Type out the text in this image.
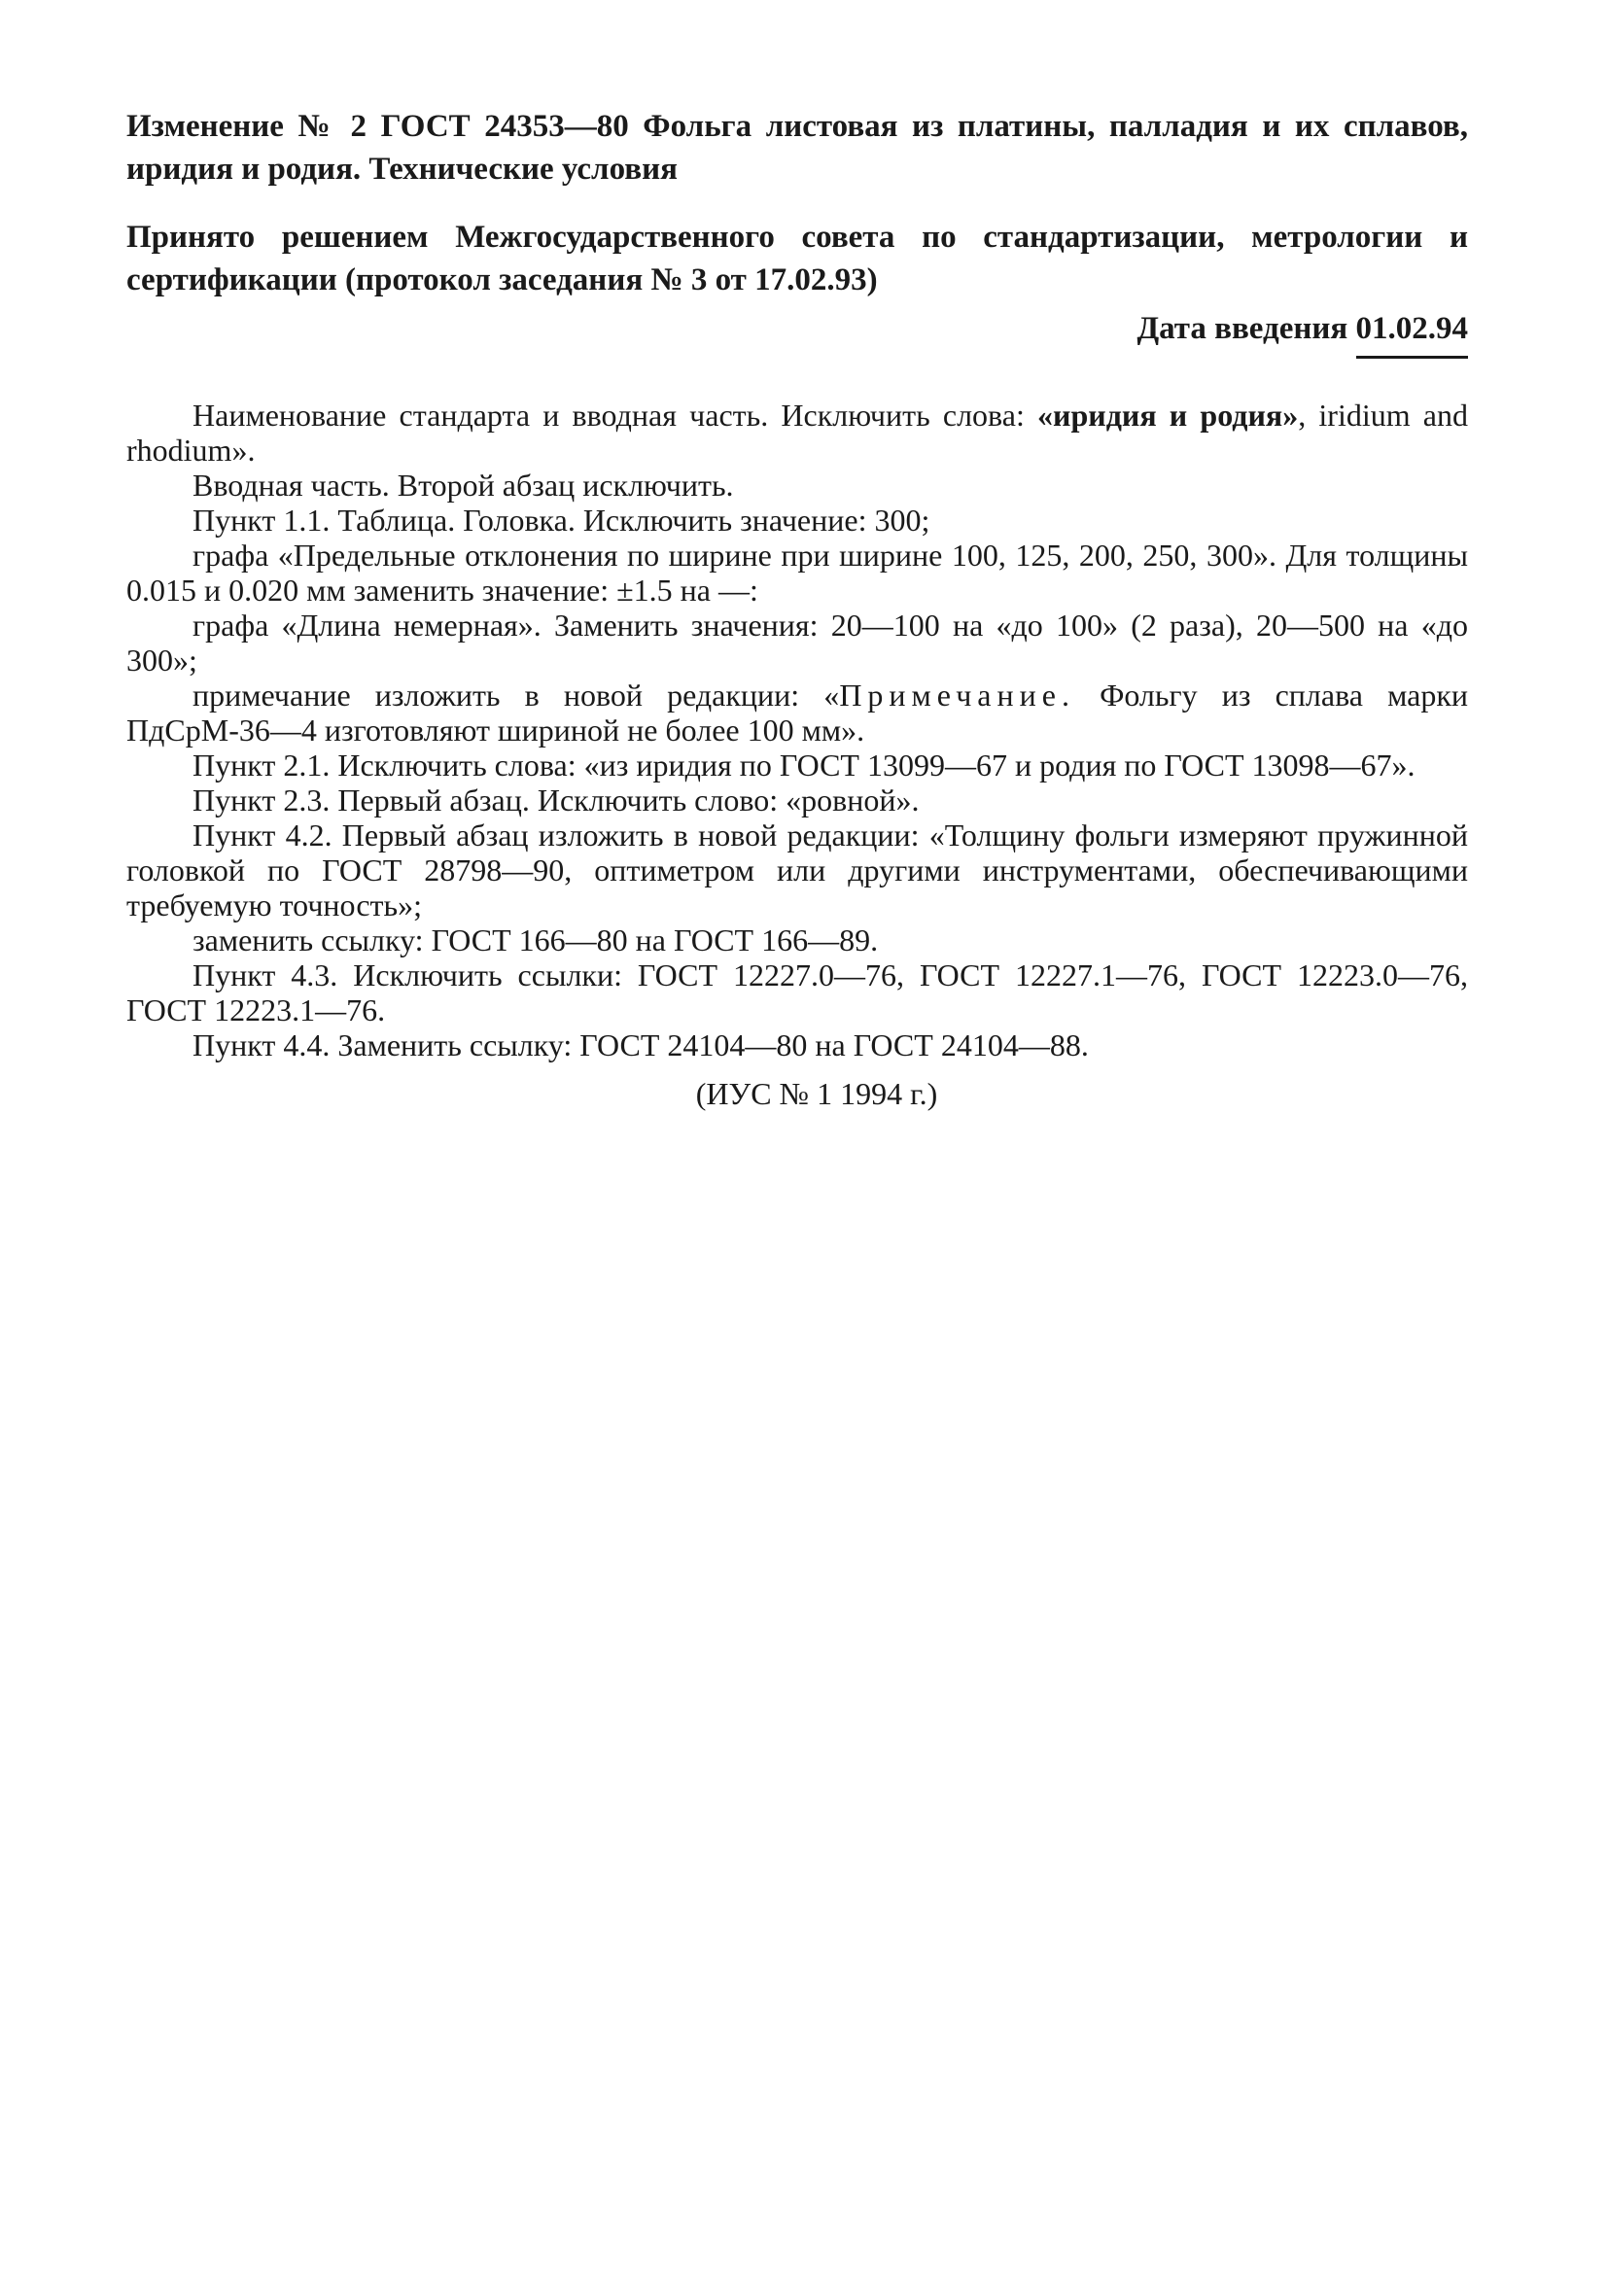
Изменение № 2 ГОСТ 24353—80 Фольга листовая из платины, палладия и их сплавов, иридия и родия. Технические условия

Принято решением Межгосударственного совета по стандартизации, метрологии и сертификации (протокол заседания № 3 от 17.02.93)

Дата введения 01.02.94

Наименование стандарта и вводная часть. Исключить слова: «иридия и родия», iridium and rhodium».

Вводная часть. Второй абзац исключить.

Пункт 1.1. Таблица. Головка. Исключить значение: 300;

графа «Предельные отклонения по ширине при ширине 100, 125, 200, 250, 300». Для толщины 0.015 и 0.020 мм заменить значение: ±1.5 на —:

графа «Длина немерная». Заменить значения: 20—100 на «до 100» (2 раза), 20—500 на «до 300»;

примечание изложить в новой редакции: «Примечание. Фольгу из сплава марки ПдСрМ-36—4 изготовляют шириной не более 100 мм».

Пункт 2.1. Исключить слова: «из иридия по ГОСТ 13099—67 и родия по ГОСТ 13098—67».

Пункт 2.3. Первый абзац. Исключить слово: «ровной».

Пункт 4.2. Первый абзац изложить в новой редакции: «Толщину фольги измеряют пружинной головкой по ГОСТ 28798—90, оптиметром или другими инструментами, обеспечивающими требуемую точность»;

заменить ссылку: ГОСТ 166—80 на ГОСТ 166—89.

Пункт 4.3. Исключить ссылки: ГОСТ 12227.0—76, ГОСТ 12227.1—76, ГОСТ 12223.0—76, ГОСТ 12223.1—76.

Пункт 4.4. Заменить ссылку: ГОСТ 24104—80 на ГОСТ 24104—88.

(ИУС № 1 1994 г.)
